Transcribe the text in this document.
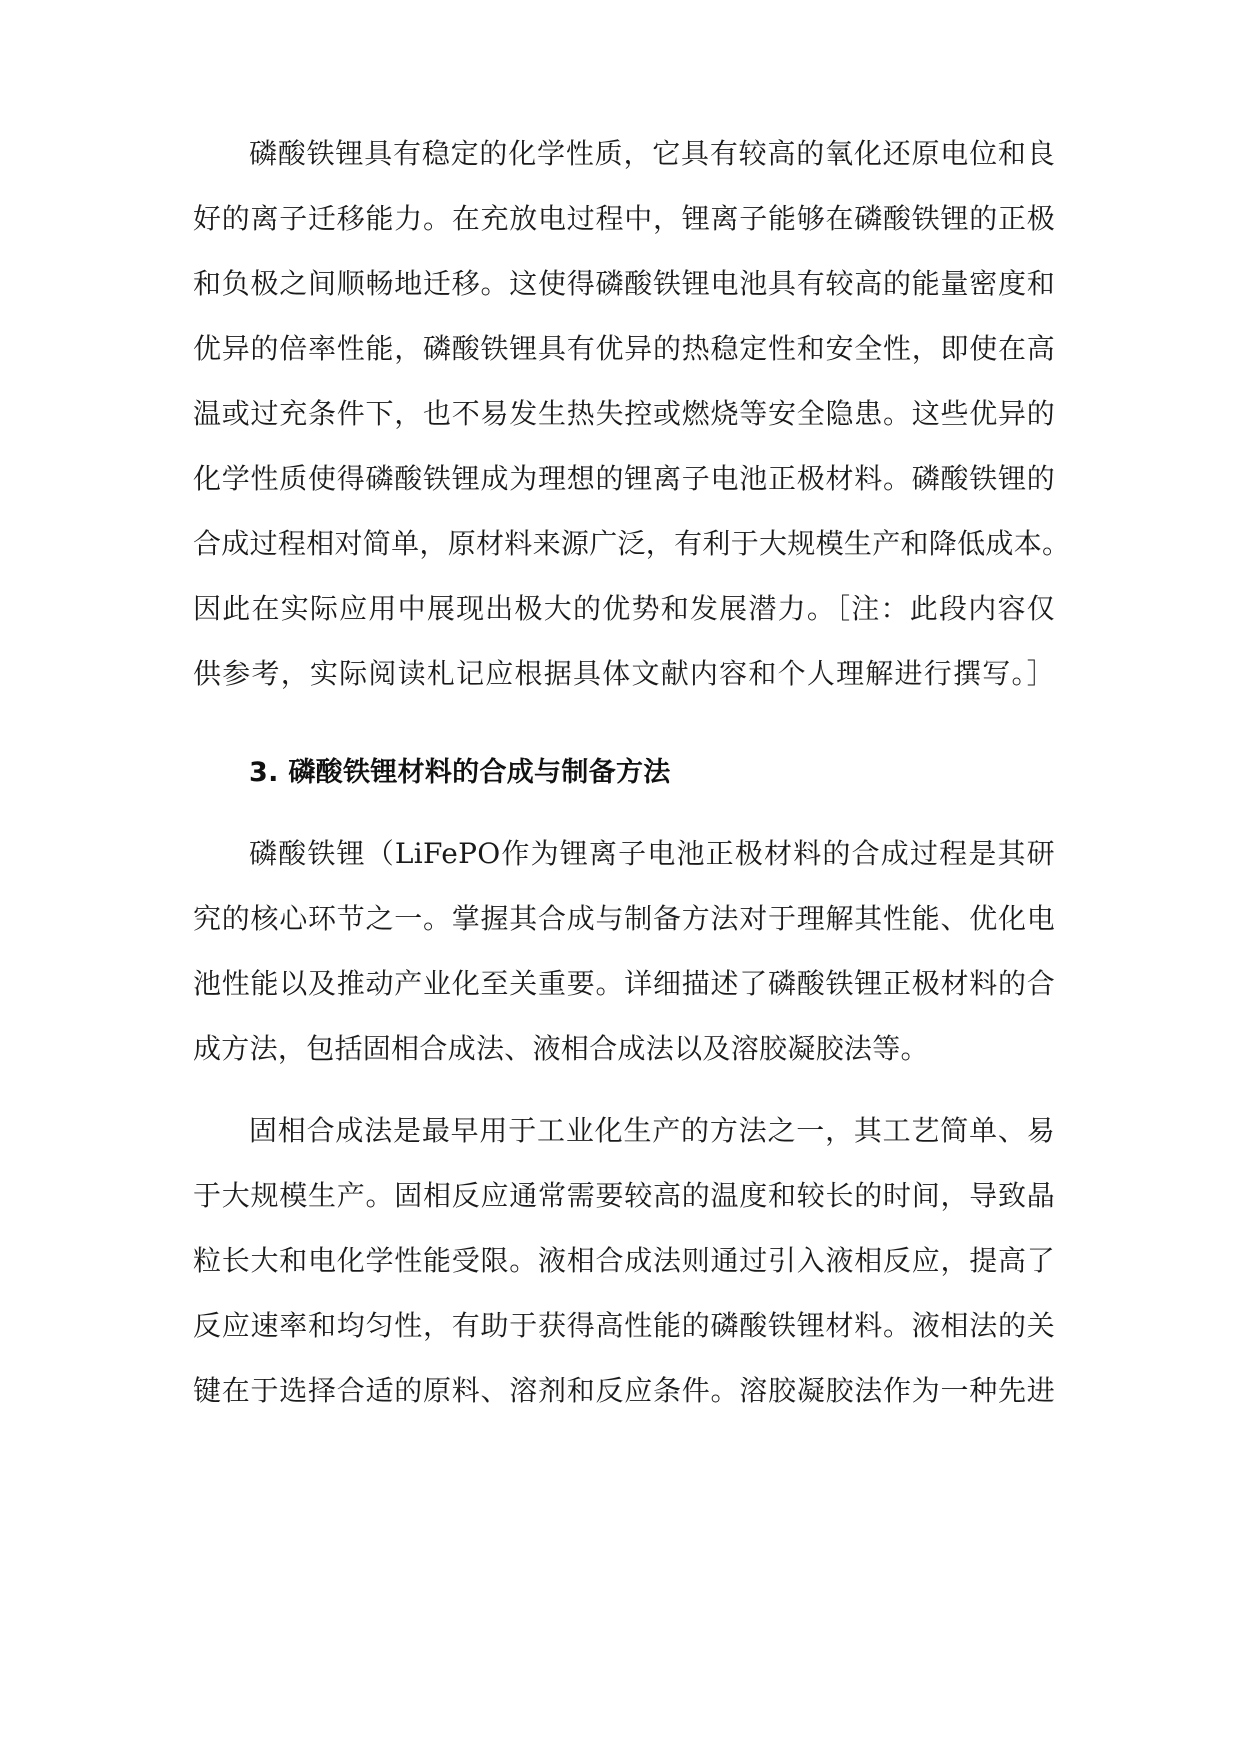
磷酸铁锂具有稳定的化学性质，它具有较高的氧化还原电位和良
好的离子迁移能力。在充放电过程中，锂离子能够在磷酸铁锂的正极
和负极之间顺畅地迁移。这使得磷酸铁锂电池具有较高的能量密度和
优异的倍率性能，磷酸铁锂具有优异的热稳定性和安全性，即使在高
温或过充条件下，也不易发生热失控或燃烧等安全隐患。这些优异的
化学性质使得磷酸铁锂成为理想的锂离子电池正极材料。磷酸铁锂的
合成过程相对简单，原材料来源广泛，有利于大规模生产和降低成本。
因此在实际应用中展现出极大的优势和发展潜力。［注：此段内容仅
供参考，实际阅读札记应根据具体文献内容和个人理解进行撰写。］
3. 磷酸铁锂材料的合成与制备方法
磷酸铁锂（LiFePO作为锂离子电池正极材料的合成过程是其研
究的核心环节之一。掌握其合成与制备方法对于理解其性能、优化电
池性能以及推动产业化至关重要。详细描述了磷酸铁锂正极材料的合
成方法，包括固相合成法、液相合成法以及溶胶凝胶法等。
固相合成法是最早用于工业化生产的方法之一，其工艺简单、易
于大规模生产。固相反应通常需要较高的温度和较长的时间，导致晶
粒长大和电化学性能受限。液相合成法则通过引入液相反应，提高了
反应速率和均匀性，有助于获得高性能的磷酸铁锂材料。液相法的关
键在于选择合适的原料、溶剂和反应条件。溶胶凝胶法作为一种先进
